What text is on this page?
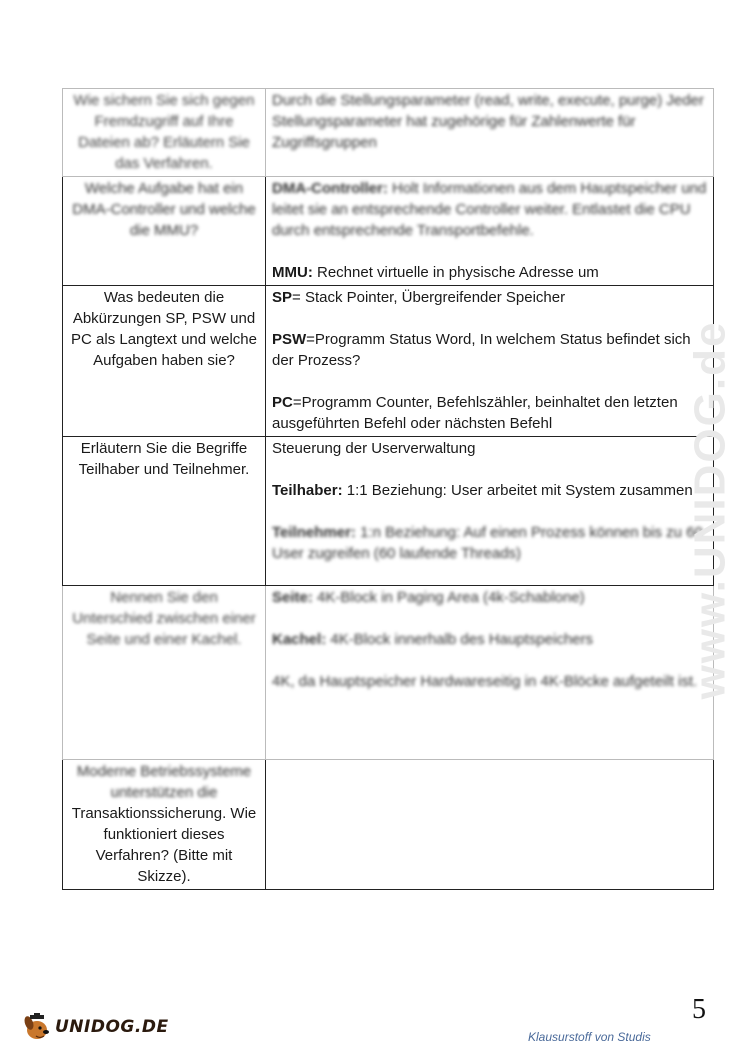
Wie sichern Sie sich gegen Fremdzugriff auf Ihre Dateien ab? Erläutern Sie das Verfahren.	Durch die Stellungsparameter (read, write, execute, purge) Jeder Stellungsparameter hat zugehörige für Zahlenwerte für Zugriffsgruppen

Welche Aufgabe hat ein DMA-Controller und welche die MMU?	DMA-Controller: Holt Informationen aus dem Hauptspeicher und leitet sie an entsprechende Controller weiter. Entlastet die CPU durch entsprechende Transportbefehle.
MMU: Rechnet virtuelle in physische Adresse um

Was bedeuten die Abkürzungen SP, PSW und PC als Langtext und welche Aufgaben haben sie?	SP= Stack Pointer, Übergreifender Speicher
PSW=Programm Status Word, In welchem Status befindet sich der Prozess?
PC=Programm Counter, Befehlszähler, beinhaltet den letzten ausgeführten Befehl oder nächsten Befehl

Erläutern Sie die Begriffe Teilhaber und Teilnehmer.	Steuerung der Userverwaltung
Teilhaber: 1:1 Beziehung: User arbeitet mit System zusammen
Teilnehmer: 1:n Beziehung: Auf einen Prozess können bis zu 60 User zugreifen (60 laufende Threads)

Nennen Sie den Unterschied zwischen einer Seite und einer Kachel.	Seite: 4K-Block in Paging Area (4k-Schablone)
Kachel: 4K-Block innerhalb des Hauptspeichers
4K, da Hauptspeicher Hardwareseitig in 4K-Blöcke aufgeteilt ist.

Moderne Betriebssysteme unterstützen die
Transaktionssicherung. Wie funktioniert dieses Verfahren? (Bitte mit Skizze).	

www.UNIDOG.de
UNIDOG.DE
5
Klausurstoff von Studis
